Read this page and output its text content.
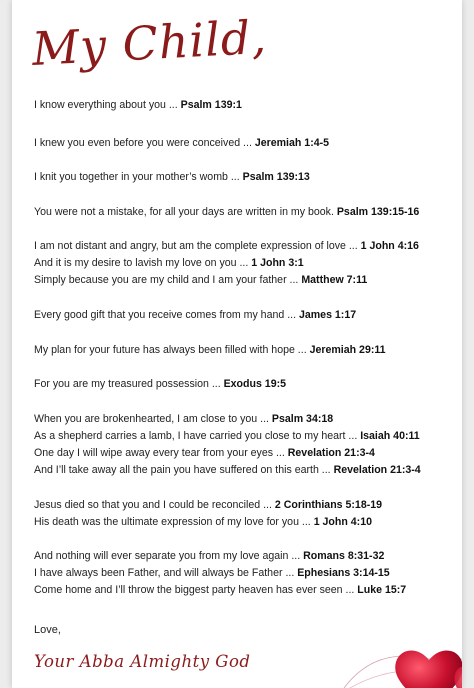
My Child,
I know everything about you ... Psalm 139:1
I knew you even before you were conceived ... Jeremiah 1:4-5
I knit you together in your mother’s womb ... Psalm 139:13
You were not a mistake, for all your days are written in my book. Psalm 139:15-16
I am not distant and angry, but am the complete expression of love ... 1 John 4:16
And it is my desire to lavish my love on you ... 1 John 3:1
Simply because you are my child and I am your father ... Matthew 7:11
Every good gift that you receive comes from my hand ... James 1:17
My plan for your future has always been filled with hope ... Jeremiah 29:11
For you are my treasured possession ... Exodus 19:5
When you are brokenhearted, I am close to you ... Psalm 34:18
As a shepherd carries a lamb, I have carried you close to my heart ... Isaiah 40:11
One day I will wipe away every tear from your eyes ... Revelation 21:3-4
And I’ll take away all the pain you have suffered on this earth ... Revelation 21:3-4
Jesus died so that you and I could be reconciled ... 2 Corinthians 5:18-19
His death was the ultimate expression of my love for you ... 1 John 4:10
And nothing will ever separate you from my love again ... Romans 8:31-32
I have always been Father, and will always be Father ... Ephesians 3:14-15
Come home and I’ll throw the biggest party heaven has ever seen ... Luke 15:7
Love,
Your Abba Almighty God
